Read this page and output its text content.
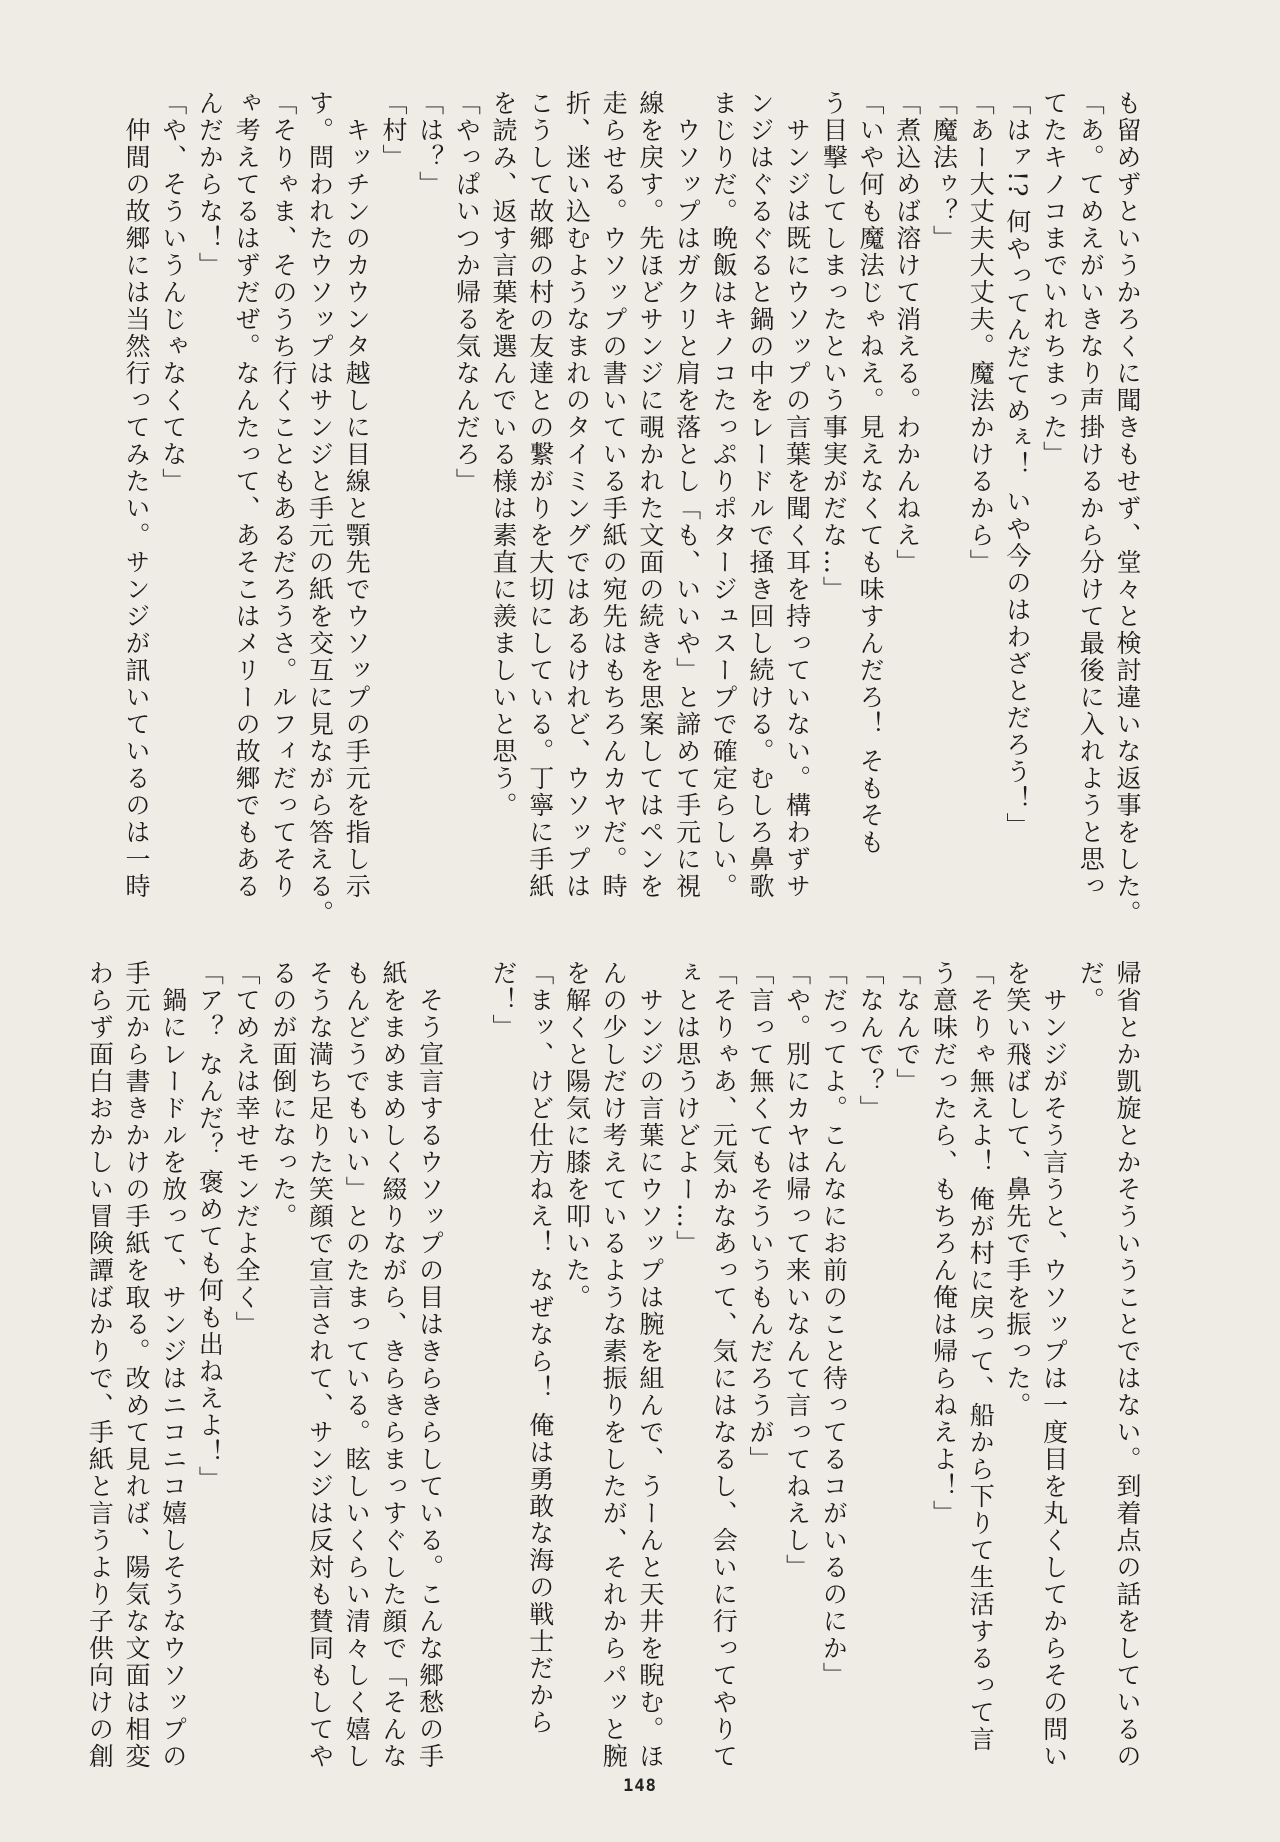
も留めずというかろくに聞きもせず、堂々と検討違いな返事をした。

「あ。てめえがいきなり声掛けるから分けて最後に入れようと思っ

てたキノコまでいれちまった」

「はァ!? 何やってんだてめぇ！ いや今のはわざとだろう！」

「あー大丈夫大丈夫。魔法かけるから」

「魔法ゥ？」

「煮込めば溶けて消える。わかんねえ」

「いや何も魔法じゃねえ。見えなくても味すんだろ！ そもそも

う目撃してしまったという事実がだな…」

　サンジは既にウソップの言葉を聞く耳を持っていない。構わずサ

ンジはぐるぐると鍋の中をレードルで掻き回し続ける。むしろ鼻歌

まじりだ。晩飯はキノコたっぷりポタージュスープで確定らしい。

　ウソップはガクリと肩を落とし「も、いいや」と諦めて手元に視

線を戻す。先ほどサンジに覗かれた文面の続きを思案してはペンを

走らせる。ウソップの書いている手紙の宛先はもちろんカヤだ。時

折、迷い込むようなまれのタイミングではあるけれど、ウソップは

こうして故郷の村の友達との繋がりを大切にしている。丁寧に手紙

を読み、返す言葉を選んでいる様は素直に羨ましいと思う。

「やっぱいつか帰る気なんだろ」

「は？」

「村」

　キッチンのカウンタ越しに目線と顎先でウソップの手元を指し示

す。問われたウソップはサンジと手元の紙を交互に見ながら答える。

「そりゃま、そのうち行くこともあるだろうさ。ルフィだってそり

ゃ考えてるはずだぜ。なんたって、あそこはメリーの故郷でもある

んだからな！」

「や、そういうんじゃなくてな」

　仲間の故郷には当然行ってみたい。サンジが訊いているのは一時

帰省とか凱旋とかそういうことではない。到着点の話をしているの

だ。

　サンジがそう言うと、ウソップは一度目を丸くしてからその問い

を笑い飛ばして、鼻先で手を振った。

「そりゃ無えよ！ 俺が村に戻って、船から下りて生活するって言

う意味だったら、もちろん俺は帰らねえよ！」

「なんで」

「なんで？」

「だってよ。こんなにお前のこと待ってるコがいるのにか」

「や。別にカヤは帰って来いなんて言ってねえし」

「言って無くてもそういうもんだろうが」

「そりゃあ、元気かなあって、気にはなるし、会いに行ってやりて

ぇとは思うけどよー…」

　サンジの言葉にウソップは腕を組んで、うーんと天井を睨む。ほ

んの少しだけ考えているような素振りをしたが、それからパッと腕

を解くと陽気に膝を叩いた。

「まッ、けど仕方ねえ！ なぜなら！ 俺は勇敢な海の戦士だから

だ！」

　そう宣言するウソップの目はきらきらしている。こんな郷愁の手

紙をまめまめしく綴りながら、きらきらまっすぐした顔で「そんな

もんどうでもいい」とのたまっている。眩しいくらい清々しく嬉し

そうな満ち足りた笑顔で宣言されて、サンジは反対も賛同もしてや

るのが面倒になった。

「てめえは幸せモンだよ全く」

「ア？ なんだ？ 褒めても何も出ねえよ！」

　鍋にレードルを放って、サンジはニコニコ嬉しそうなウソップの

手元から書きかけの手紙を取る。改めて見れば、陽気な文面は相変

わらず面白おかしい冒険譚ばかりで、手紙と言うより子供向けの創

148
